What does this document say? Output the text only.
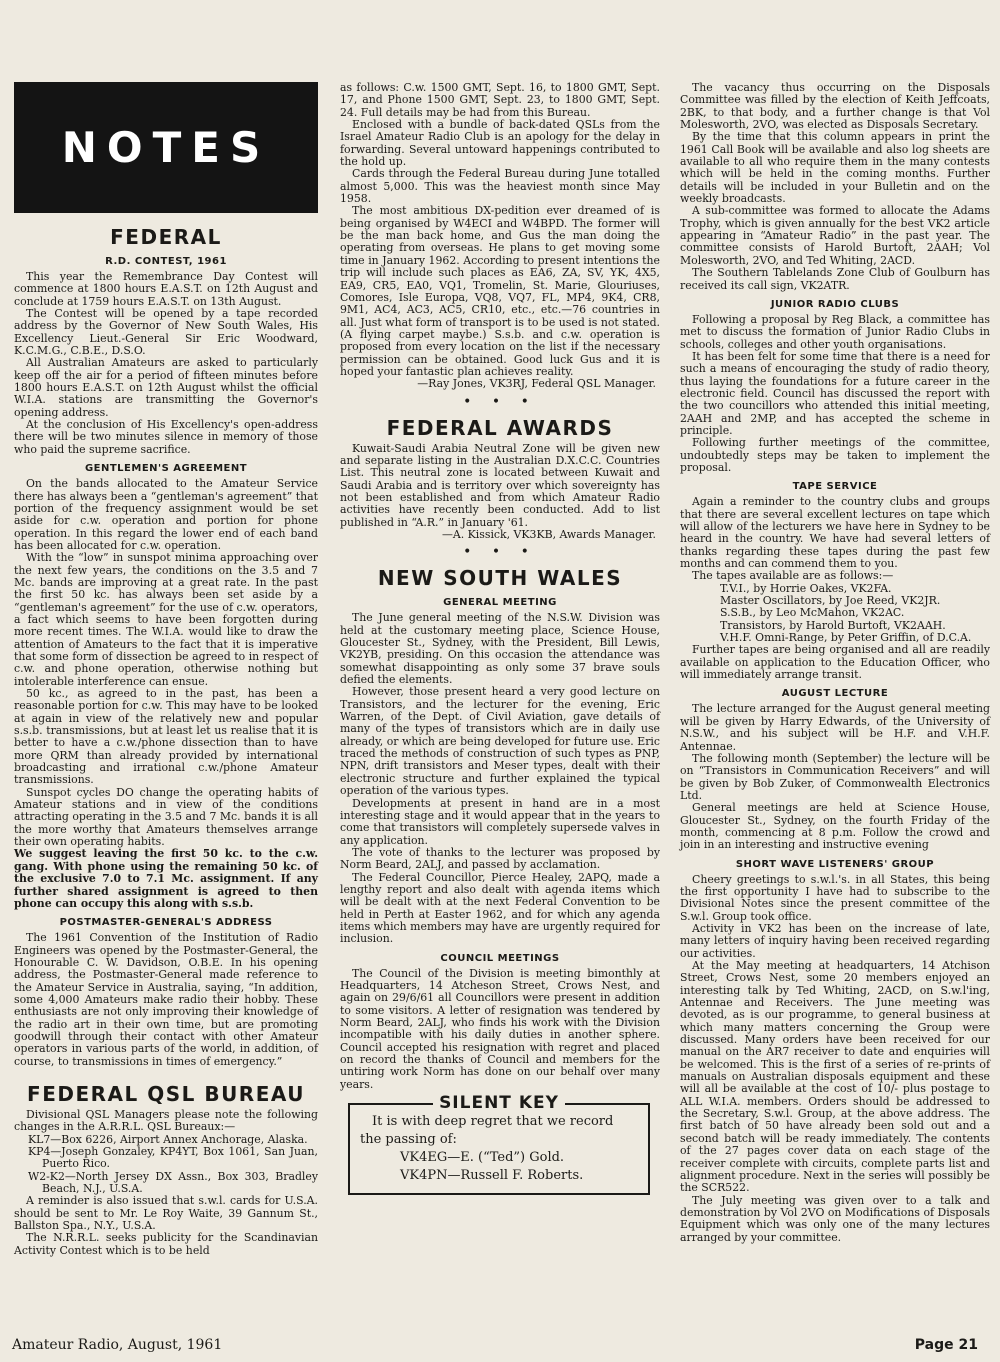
NOTES
FEDERAL
R.D. CONTEST, 1961

This year the Remembrance Day Contest will commence at 1800 hours E.A.S.T. on 12th August and conclude at 1759 hours E.A.S.T. on 13th August.

The Contest will be opened by a tape recorded address by the Governor of New South Wales, His Excellency Lieut.-General Sir Eric Woodward, K.C.M.G., C.B.E., D.S.O.

All Australian Amateurs are asked to particularly keep off the air for a period of fifteen minutes before 1800 hours E.A.S.T. on 12th August whilst the official W.I.A. stations are transmitting the Governor's opening address.

At the conclusion of His Excellency's open-address there will be two minutes silence in memory of those who paid the supreme sacrifice.

GENTLEMEN'S AGREEMENT

On the bands allocated to the Amateur Service there has always been a “gentleman's agreement” that portion of the frequency assignment would be set aside for c.w. operation and portion for phone operation. In this regard the lower end of each band has been allocated for c.w. operation.

With the “low” in sunspot minima approaching over the next few years, the conditions on the 3.5 and 7 Mc. bands are improving at a great rate. In the past the first 50 kc. has always been set aside by a “gentleman's agreement” for the use of c.w. operators, a fact which seems to have been forgotten during more recent times. The W.I.A. would like to draw the attention of Amateurs to the fact that it is imperative that some form of dissection be agreed to in respect of c.w. and phone operation, otherwise nothing but intolerable interference can ensue.

50 kc., as agreed to in the past, has been a reasonable portion for c.w. This may have to be looked at again in view of the relatively new and popular s.s.b. transmissions, but at least let us realise that it is better to have a c.w./phone dissection than to have more QRM than already provided by international broadcasting and irrational c.w./phone Amateur transmissions.

Sunspot cycles DO change the operating habits of Amateur stations and in view of the conditions attracting operating in the 3.5 and 7 Mc. bands it is all the more worthy that Amateurs themselves arrange their own operating habits.

We suggest leaving the first 50 kc. to the c.w. gang. With phone using the remaining 50 kc. of the exclusive 7.0 to 7.1 Mc. assignment. If any further shared assignment is agreed to then phone can occupy this along with s.s.b.

POSTMASTER-GENERAL'S ADDRESS

The 1961 Convention of the Institution of Radio Engineers was opened by the Postmaster-General, the Honourable C. W. Davidson, O.B.E. In his opening address, the Postmaster-General made reference to the Amateur Service in Australia, saying, “In addition, some 4,000 Amateurs make radio their hobby. These enthusiasts are not only improving their knowledge of the radio art in their own time, but are promoting goodwill through their contact with other Amateur operators in various parts of the world, in addition, of course, to transmissions in times of emergency.”

FEDERAL QSL BUREAU

Divisional QSL Managers please note the following changes in the A.R.R.L. QSL Bureaux:—

KL7—Box 6226, Airport Annex Anchorage, Alaska.

KP4—Joseph Gonzaley, KP4YT, Box 1061, San Juan, Puerto Rico.

W2-K2—North Jersey DX Assn., Box 303, Bradley Beach, N.J., U.S.A.

A reminder is also issued that s.w.l. cards for U.S.A. should be sent to Mr. Le Roy Waite, 39 Gannum St., Ballston Spa., N.Y., U.S.A.

The N.R.R.L. seeks publicity for the Scandinavian Activity Contest which is to be held

as follows: C.w. 1500 GMT, Sept. 16, to 1800 GMT, Sept. 17, and Phone 1500 GMT, Sept. 23, to 1800 GMT, Sept. 24. Full details may be had from this Bureau.

Enclosed with a bundle of back-dated QSLs from the Israel Amateur Radio Club is an apology for the delay in forwarding. Several untoward happenings contributed to the hold up.

Cards through the Federal Bureau during June totalled almost 5,000. This was the heaviest month since May 1958.

The most ambitious DX-pedition ever dreamed of is being organised by W4ECI and W4BPD. The former will be the man back home, and Gus the man doing the operating from overseas. He plans to get moving some time in January 1962. According to present intentions the trip will include such places as EA6, ZA, SV, YK, 4X5, EA9, CR5, EA0, VQ1, Tromelin, St. Marie, Glouriuses, Comores, Isle Europa, VQ8, VQ7, FL, MP4, 9K4, CR8, 9M1, AC4, AC3, AC5, CR10, etc., etc.—76 countries in all. Just what form of transport is to be used is not stated. (A flying carpet maybe.) S.s.b. and c.w. operation is proposed from every location on the list if the necessary permission can be obtained. Good luck Gus and it is hoped your fantastic plan achieves reality.

—Ray Jones, VK3RJ, Federal QSL Manager.

• • •
FEDERAL AWARDS

Kuwait-Saudi Arabia Neutral Zone will be given new and separate listing in the Australian D.X.C.C. Countries List. This neutral zone is located between Kuwait and Saudi Arabia and is territory over which sovereignty has not been established and from which Amateur Radio activities have recently been conducted. Add to list published in “A.R.” in January '61.

—A. Kissick, VK3KB, Awards Manager.

• • •
NEW SOUTH WALES
GENERAL MEETING

The June general meeting of the N.S.W. Division was held at the customary meeting place, Science House, Gloucester St., Sydney, with the President, Bill Lewis, VK2YB, presiding. On this occasion the attendance was somewhat disappointing as only some 37 brave souls defied the elements.

However, those present heard a very good lecture on Transistors, and the lecturer for the evening, Eric Warren, of the Dept. of Civil Aviation, gave details of many of the types of transistors which are in daily use already, or which are being developed for future use. Eric traced the methods of construction of such types as PNP, NPN, drift transistors and Meser types, dealt with their electronic structure and further explained the typical operation of the various types.

Developments at present in hand are in a most interesting stage and it would appear that in the years to come that transistors will completely supersede valves in any application.

The vote of thanks to the lecturer was proposed by Norm Beard, 2ALJ, and passed by acclamation.

The Federal Councillor, Pierce Healey, 2APQ, made a lengthy report and also dealt with agenda items which will be dealt with at the next Federal Convention to be held in Perth at Easter 1962, and for which any agenda items which members may have are urgently required for inclusion.

COUNCIL MEETINGS

The Council of the Division is meeting bimonthly at Headquarters, 14 Atcheson Street, Crows Nest, and again on 29/6/61 all Councillors were present in addition to some visitors. A letter of resignation was tendered by Norm Beard, 2ALJ, who finds his work with the Division incompatible with his daily duties in another sphere. Council accepted his resignation with regret and placed on record the thanks of Council and members for the untiring work Norm has done on our behalf over many years.

SILENT KEY

It is with deep regret that we record the passing of:

VK4EG—E. (“Ted”) Gold.

VK4PN—Russell F. Roberts.

The vacancy thus occurring on the Disposals Committee was filled by the election of Keith Jeffcoats, 2BK, to that body, and a further change is that Vol Molesworth, 2VO, was elected as Disposals Secretary.

By the time that this column appears in print the 1961 Call Book will be available and also log sheets are available to all who require them in the many contests which will be held in the coming months. Further details will be included in your Bulletin and on the weekly broadcasts.

A sub-committee was formed to allocate the Adams Trophy, which is given annually for the best VK2 article appearing in “Amateur Radio” in the past year. The committee consists of Harold Burtoft, 2AAH; Vol Molesworth, 2VO, and Ted Whiting, 2ACD.

The Southern Tablelands Zone Club of Goulburn has received its call sign, VK2ATR.

JUNIOR RADIO CLUBS

Following a proposal by Reg Black, a committee has met to discuss the formation of Junior Radio Clubs in schools, colleges and other youth organisations.

It has been felt for some time that there is a need for such a means of encouraging the study of radio theory, thus laying the foundations for a future career in the electronic field. Council has discussed the report with the two councillors who attended this initial meeting, 2AAH and 2MP, and has accepted the scheme in principle.

Following further meetings of the committee, undoubtedly steps may be taken to implement the proposal.

TAPE SERVICE

Again a reminder to the country clubs and groups that there are several excellent lectures on tape which will allow of the lecturers we have here in Sydney to be heard in the country. We have had several letters of thanks regarding these tapes during the past few months and can commend them to you.

The tapes available are as follows:—

T.V.I., by Horrie Oakes, VK2FA.

Master Oscillators, by Joe Reed, VK2JR.

S.S.B., by Leo McMahon, VK2AC.

Transistors, by Harold Burtoft, VK2AAH.

V.H.F. Omni-Range, by Peter Griffin, of D.C.A.

Further tapes are being organised and all are readily available on application to the Education Officer, who will immediately arrange transit.

AUGUST LECTURE

The lecture arranged for the August general meeting will be given by Harry Edwards, of the University of N.S.W., and his subject will be H.F. and V.H.F. Antennae.

The following month (September) the lecture will be on “Transistors in Communication Receivers” and will be given by Bob Zuker, of Commonwealth Electronics Ltd.

General meetings are held at Science House, Gloucester St., Sydney, on the fourth Friday of the month, commencing at 8 p.m. Follow the crowd and join in an interesting and instructive evening

SHORT WAVE LISTENERS' GROUP

Cheery greetings to s.w.l.'s. in all States, this being the first opportunity I have had to subscribe to the Divisional Notes since the present committee of the S.w.l. Group took office.

Activity in VK2 has been on the increase of late, many letters of inquiry having been received regarding our activities.

At the May meeting at headquarters, 14 Atchison Street, Crows Nest, some 20 members enjoyed an interesting talk by Ted Whiting, 2ACD, on S.w.l'ing, Antennae and Receivers. The June meeting was devoted, as is our programme, to general business at which many matters concerning the Group were discussed. Many orders have been received for our manual on the AR7 receiver to date and enquiries will be welcomed. This is the first of a series of re-prints of manuals on Australian disposals equipment and these will all be available at the cost of 10/- plus postage to ALL W.I.A. members. Orders should be addressed to the Secretary, S.w.l. Group, at the above address. The first batch of 50 have already been sold out and a second batch will be ready immediately. The contents of the 27 pages cover data on each stage of the receiver complete with circuits, complete parts list and alignment procedure. Next in the series will possibly be the SCR522.

The July meeting was given over to a talk and demonstration by Vol 2VO on Modifications of Disposals Equipment which was only one of the many lectures arranged by your committee.

Amateur Radio, August, 1961	Page 21
